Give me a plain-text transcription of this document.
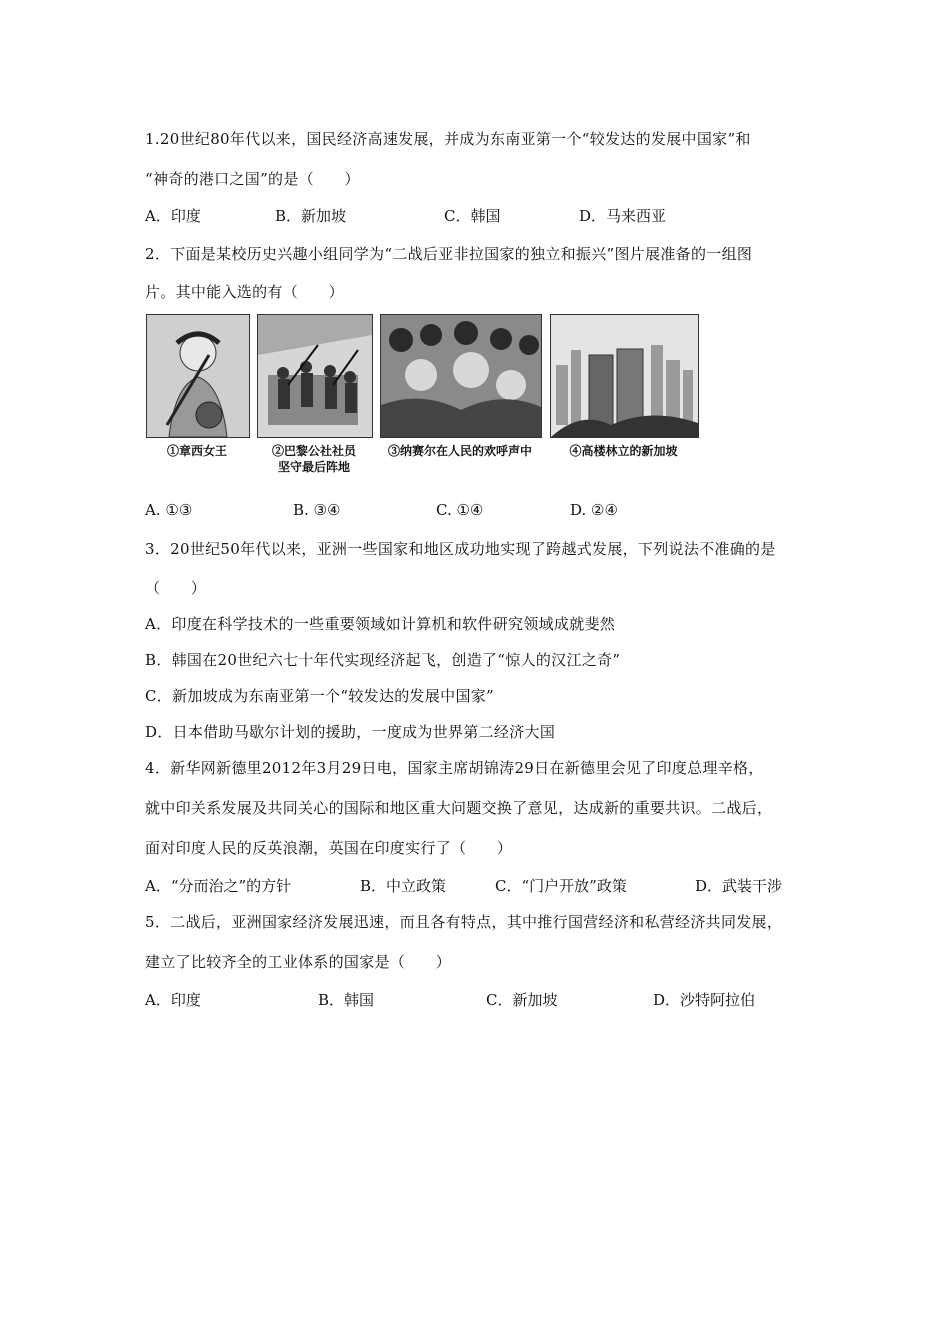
1.20世纪80年代以来，国民经济高速发展，并成为东南亚第一个“较发达的发展中国家”和
“神奇的港口之国”的是（　　）
A．印度	B．新加坡	C．韩国	D．马来西亚
2．下面是某校历史兴趣小组同学为“二战后亚非拉国家的独立和振兴”图片展准备的一组图
片。其中能入选的有（　　）
①章西女王	②巴黎公社社员
坚守最后阵地
③纳赛尔在人民的欢呼声中	④高楼林立的新加坡
A. ①③	B. ③④	C. ①④	D. ②④
3．20世纪50年代以来，亚洲一些国家和地区成功地实现了跨越式发展，下列说法不准确的是
（　　）
A．印度在科学技术的一些重要领域如计算机和软件研究领域成就斐然
B．韩国在20世纪六七十年代实现经济起飞，创造了“惊人的汉江之奇”
C．新加坡成为东南亚第一个“较发达的发展中国家”
D．日本借助马歇尔计划的援助，一度成为世界第二经济大国
4．新华网新德里2012年3月29日电，国家主席胡锦涛29日在新德里会见了印度总理辛格，
就中印关系发展及共同关心的国际和地区重大问题交换了意见，达成新的重要共识。二战后，
面对印度人民的反英浪潮，英国在印度实行了（　　）
A．“分而治之”的方针	B．中立政策	C．“门户开放”政策	D．武装干涉
5．二战后，亚洲国家经济发展迅速，而且各有特点，其中推行国营经济和私营经济共同发展，
建立了比较齐全的工业体系的国家是（　　）
A．印度	B．韩国	C．新加坡	D．沙特阿拉伯
